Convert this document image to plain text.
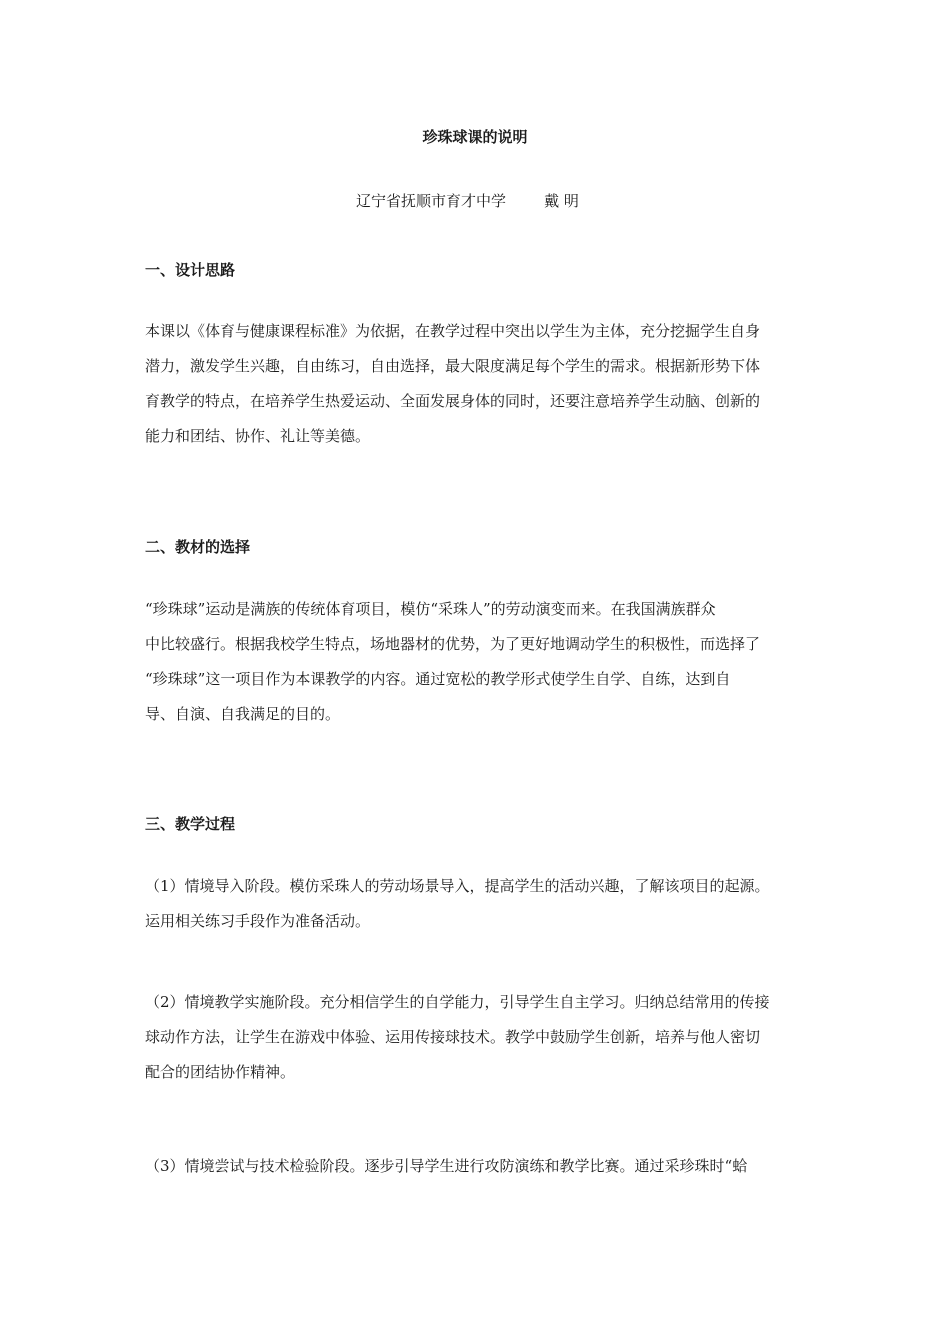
珍珠球课的说明
辽宁省抚顺市育才中学        戴 明
一、设计思路
本课以《体育与健康课程标准》为依据，在教学过程中突出以学生为主体，充分挖掘学生自身
潜力，激发学生兴趣，自由练习，自由选择，最大限度满足每个学生的需求。根据新形势下体
育教学的特点，在培养学生热爱运动、全面发展身体的同时，还要注意培养学生动脑、创新的
能力和团结、协作、礼让等美德。
二、教材的选择
“珍珠球”运动是满族的传统体育项目，模仿“采珠人”的劳动演变而来。在我国满族群众
中比较盛行。根据我校学生特点，场地器材的优势，为了更好地调动学生的积极性，而选择了
“珍珠球”这一项目作为本课教学的内容。通过宽松的教学形式使学生自学、自练，达到自
导、自演、自我满足的目的。
三、教学过程
（1）情境导入阶段。模仿采珠人的劳动场景导入，提高学生的活动兴趣，了解该项目的起源。
运用相关练习手段作为准备活动。
（2）情境教学实施阶段。充分相信学生的自学能力，引导学生自主学习。归纳总结常用的传接
球动作方法，让学生在游戏中体验、运用传接球技术。教学中鼓励学生创新，培养与他人密切
配合的团结协作精神。
（3）情境尝试与技术检验阶段。逐步引导学生进行攻防演练和教学比赛。通过采珍珠时“蛤
